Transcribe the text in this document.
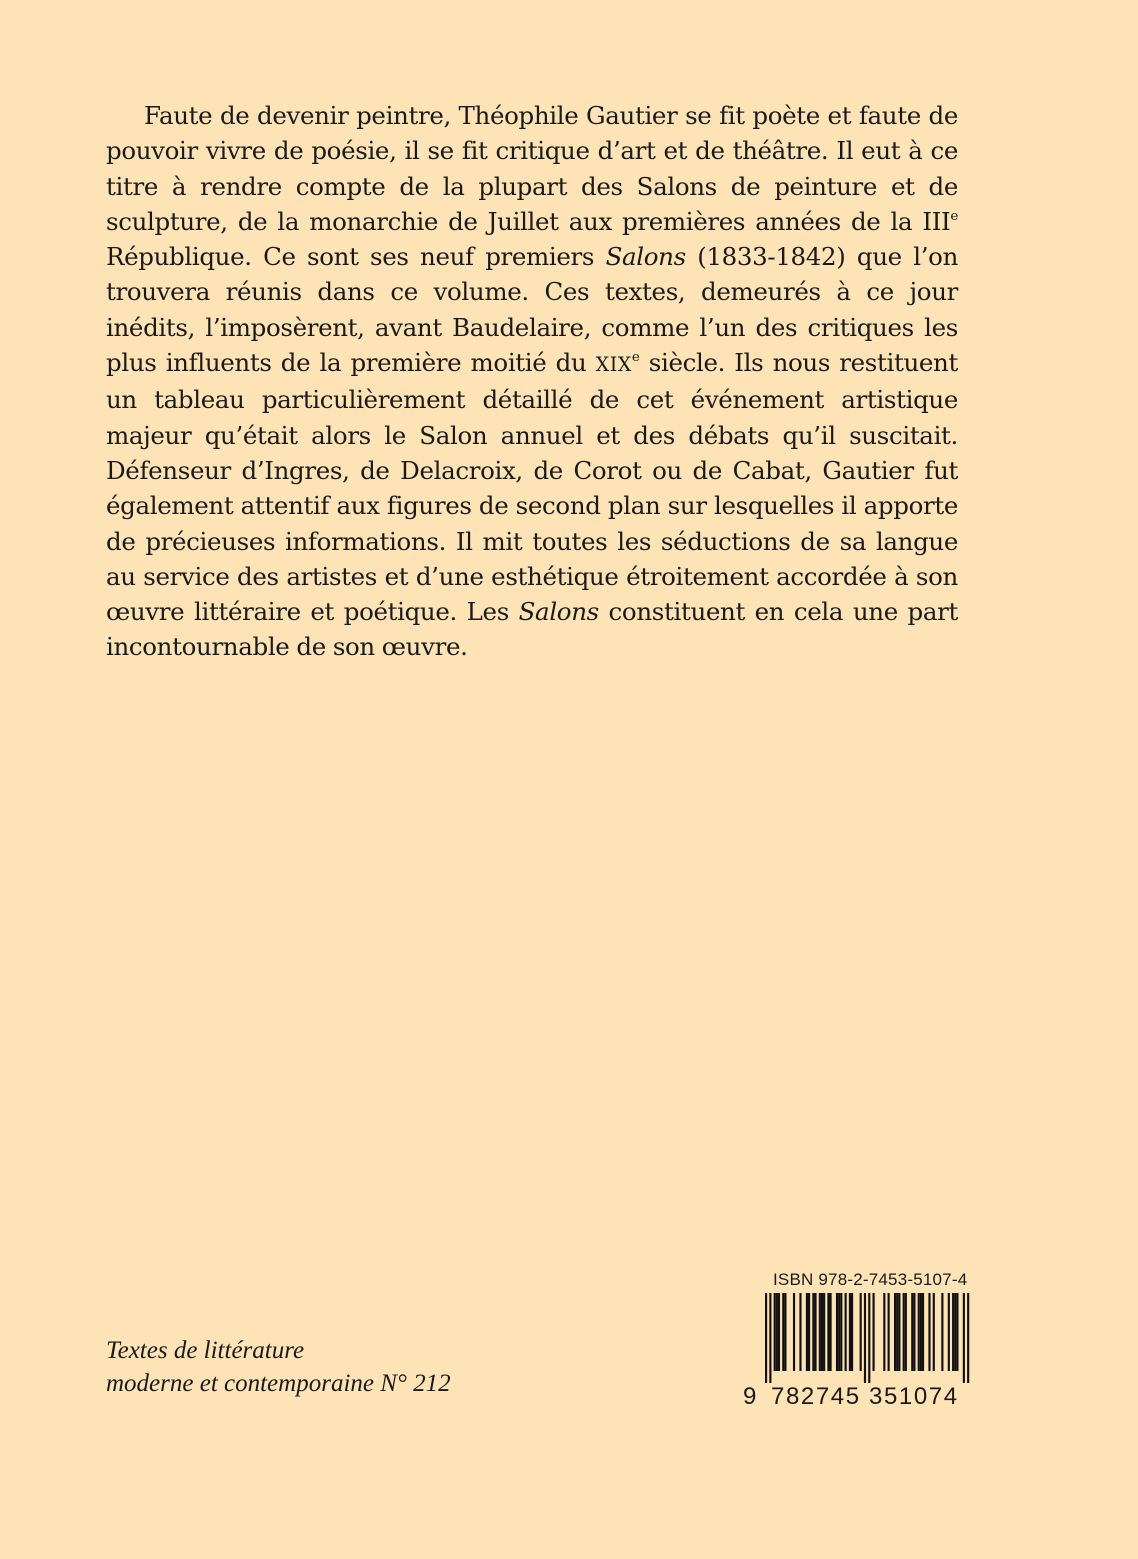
Faute de devenir peintre, Théophile Gautier se fit poète et faute de pouvoir vivre de poésie, il se fit critique d’art et de théâtre. Il eut à ce titre à rendre compte de la plupart des Salons de peinture et de sculpture, de la monarchie de Juillet aux premières années de la IIIe République. Ce sont ses neuf premiers Salons (1833-1842) que l’on trouvera réunis dans ce volume. Ces textes, demeurés à ce jour inédits, l’imposèrent, avant Baudelaire, comme l’un des critiques les plus influents de la première moitié du XIXe siècle. Ils nous restituent un tableau particulièrement détaillé de cet événement artistique majeur qu’était alors le Salon annuel et des débats qu’il suscitait. Défenseur d’Ingres, de Delacroix, de Corot ou de Cabat, Gautier fut également attentif aux figures de second plan sur lesquelles il apporte de précieuses informations. Il mit toutes les séductions de sa langue au service des artistes et d’une esthétique étroitement accordée à son œuvre littéraire et poétique. Les Salons constituent en cela une part incontournable de son œuvre.

Textes de littérature
moderne et contemporaine N° 212
ISBN 978-2-7453-5107-4
9 782745 351074
